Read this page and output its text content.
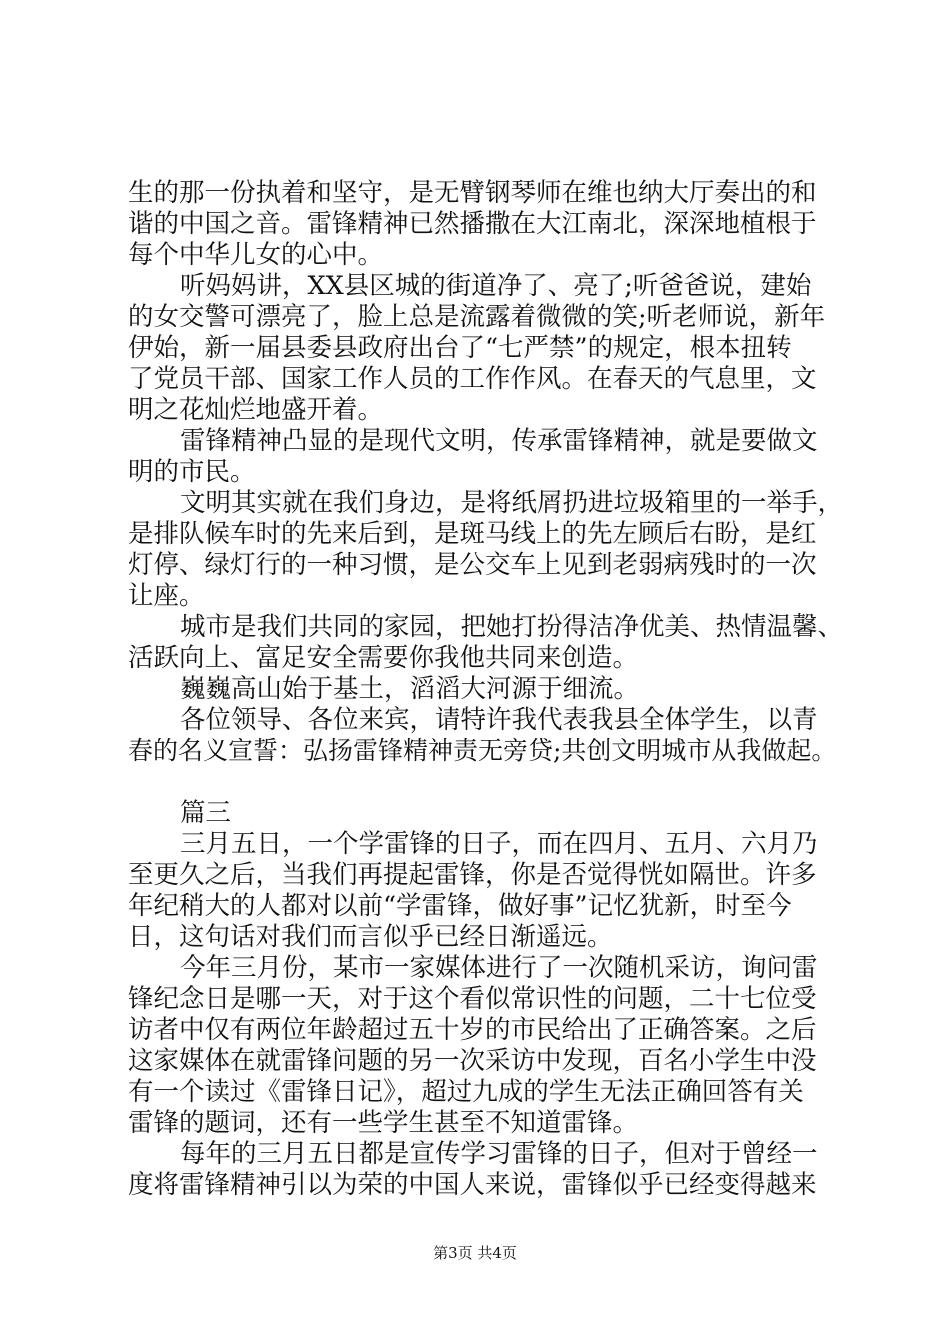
生的那一份执着和坚守，是无臂钢琴师在维也纳大厅奏出的和

谐的中国之音。雷锋精神已然播撒在大江南北，深深地植根于

每个中华儿女的心中。

听妈妈讲，XX县区城的街道净了、亮了;听爸爸说，建始

的女交警可漂亮了，脸上总是流露着微微的笑;听老师说，新年

伊始，新一届县委县政府出台了“七严禁”的规定，根本扭转

了党员干部、国家工作人员的工作作风。在春天的气息里，文

明之花灿烂地盛开着。

雷锋精神凸显的是现代文明，传承雷锋精神，就是要做文

明的市民。

文明其实就在我们身边，是将纸屑扔进垃圾箱里的一举手，

是排队候车时的先来后到，是斑马线上的先左顾后右盼，是红

灯停、绿灯行的一种习惯，是公交车上见到老弱病残时的一次

让座。

城市是我们共同的家园，把她打扮得洁净优美、热情温馨、

活跃向上、富足安全需要你我他共同来创造。

巍巍高山始于基土，滔滔大河源于细流。

各位领导、各位来宾，请特许我代表我县全体学生，以青

春的名义宣誓：弘扬雷锋精神责无旁贷;共创文明城市从我做起。

篇三

三月五日，一个学雷锋的日子，而在四月、五月、六月乃

至更久之后，当我们再提起雷锋，你是否觉得恍如隔世。许多

年纪稍大的人都对以前“学雷锋，做好事”记忆犹新，时至今

日，这句话对我们而言似乎已经日渐遥远。

今年三月份，某市一家媒体进行了一次随机采访，询问雷

锋纪念日是哪一天，对于这个看似常识性的问题，二十七位受

访者中仅有两位年龄超过五十岁的市民给出了正确答案。之后

这家媒体在就雷锋问题的另一次采访中发现，百名小学生中没

有一个读过《雷锋日记》，超过九成的学生无法正确回答有关

雷锋的题词，还有一些学生甚至不知道雷锋。

每年的三月五日都是宣传学习雷锋的日子，但对于曾经一

度将雷锋精神引以为荣的中国人来说，雷锋似乎已经变得越来

第3页 共4页
